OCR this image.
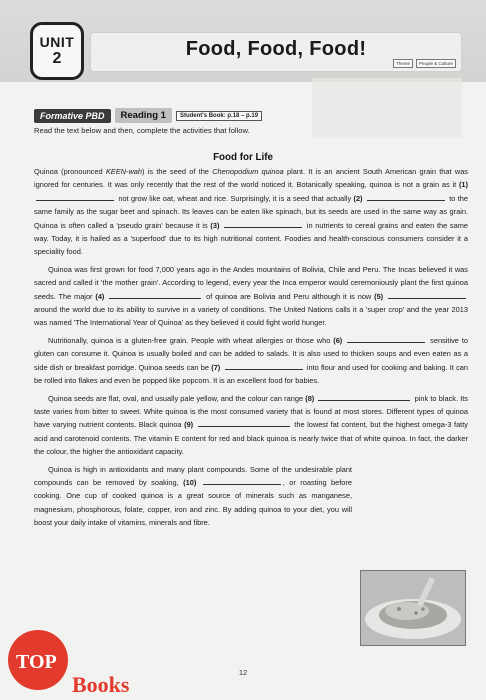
UNIT
2	Food, Food, Food!
Theme	People & Culture
Formative PBD	Reading 1	Student's Book: p.18 – p.19
Read the text below and then, complete the activities that follow.
Food for Life

Quinoa (pronounced KEEN-wah) is the seed of the Chenopodium quinoa plant. It is an ancient South American grain that was ignored for centuries. It was only recently that the rest of the world noticed it. Botanically speaking, quinoa is not a grain as it (1)  not grow like oat, wheat and rice. Surprisingly, it is a seed that actually (2)	to the same family as the sugar beet and spinach. Its leaves can be eaten like spinach, but its seeds are used in the same way as grain. Quinoa is often called a 'pseudo grain' because it is (3)	in nutrients to cereal grains and eaten the same way. Today, it is hailed as a 'superfood' due to its high nutritional content. Foodies and health-conscious consumers consider it a speciality food.

Quinoa was first grown for food 7,000 years ago in the Andes mountains of Bolivia, Chile and Peru. The Incas believed it was sacred and called it 'the mother grain'. According to legend, every year the Inca emperor would ceremoniously plant the first quinoa seeds. The major (4)	of quinoa are Bolivia and Peru although it is now (5)  around the world due to its ability to survive in a variety of conditions. The United Nations calls it a 'super crop' and the year 2013 was named 'The International Year of Quinoa' as they believed it could fight world hunger.

Nutritionally, quinoa is a gluten-free grain. People with wheat allergies or those who (6)	sensitive to gluten can consume it. Quinoa is usually boiled and can be added to salads. It is also used to thicken soups and even eaten as a side dish or breakfast porridge. Quinoa seeds can be (7)	into flour and used for cooking and baking. It can be rolled into flakes and even be popped like popcorn. It is an excellent food for babies.

Quinoa seeds are flat, oval, and usually pale yellow, and the colour can range (8)	pink to black. Its taste varies from bitter to sweet. White quinoa is the most consumed variety that is found at most stores. Different types of quinoa have varying nutrient contents. Black quinoa (9)	the lowest fat content, but the highest omega-3 fatty acid and carotenoid contents. The vitamin E content for red and black quinoa is nearly twice that of white quinoa. In fact, the darker the colour, the higher the antioxidant capacity.

Quinoa is high in antioxidants and many plant compounds. Some of the undesirable plant compounds can be removed by soaking, (10)	, or roasting before cooking. One cup of cooked quinoa is a great source of minerals such as manganese, magnesium, phosphorous, folate, copper, iron and zinc. By adding quinoa to your diet, you will boost your daily intake of vitamins, minerals and fibre.

TOP
Books	12
